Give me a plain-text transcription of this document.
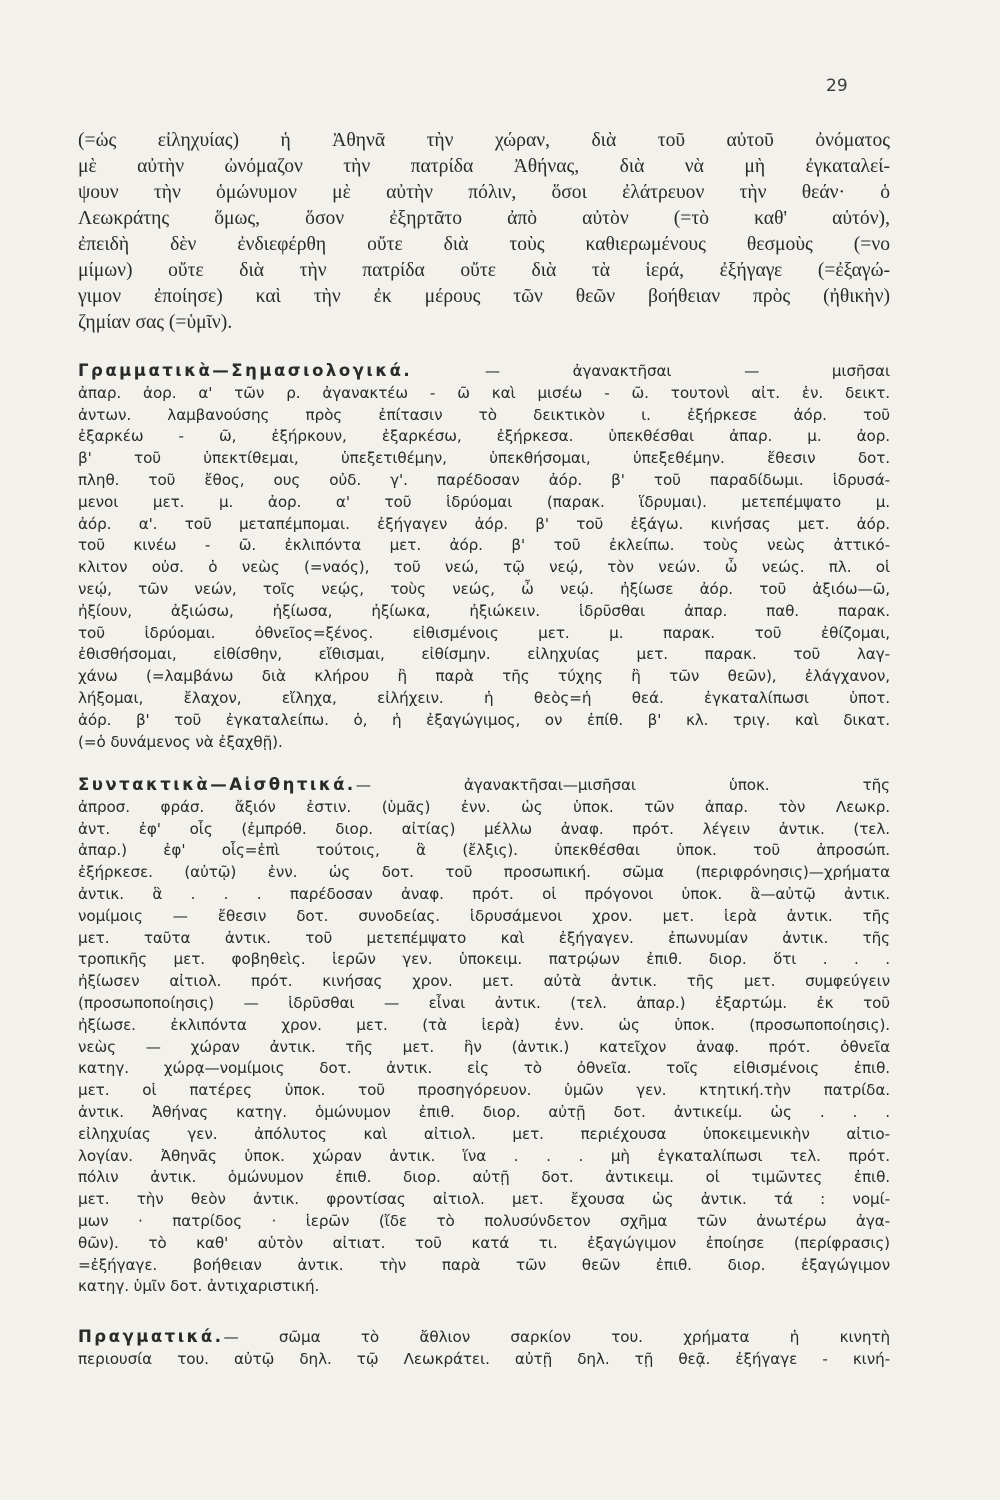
29
(=ὡς εἰληχυίας) ἡ Ἀθηνᾶ τὴν χώραν, διὰ τοῦ αὐτοῦ ὀνόματος
μὲ αὐτὴν ὠνόμαζον τὴν πατρίδα Ἀθήνας, διὰ νὰ μὴ ἐγκαταλεί-
ψουν τὴν ὁμώνυμον μὲ αὐτὴν πόλιν, ὅσοι ἐλάτρευον τὴν θεάν· ὁ
Λεωκράτης ὅμως, ὅσον ἐξηρτᾶτο ἀπὸ αὐτὸν (=τὸ καθ' αὑτόν),
ἐπειδὴ δὲν ἐνδιεφέρθη οὔτε διὰ τοὺς καθιερωμένους θεσμοὺς (=νο
μίμων) οὔτε διὰ τὴν πατρίδα οὔτε διὰ τὰ ἱερά, ἐξήγαγε (=ἐξαγώ-
γιμον ἐποίησε) καὶ τὴν ἐκ μέρους τῶν θεῶν βοήθειαν πρὸς (ἠθικὴν)
ζημίαν σας (=ὑμῖν).
Γραμματικὰ—Σημασιολογικά. — ἀγανακτῆσαι — μισῆσαι
ἀπαρ. ἀορ. α' τῶν ρ. ἀγανακτέω - ῶ καὶ μισέω - ῶ. τουτονὶ αἰτ. ἑν. δεικτ.
ἀντων. λαμβανούσης πρὸς ἐπίτασιν τὸ δεικτικὸν ι. ἐξήρκεσε ἀόρ. τοῦ
ἐξαρκέω - ῶ, ἐξήρκουν, ἐξαρκέσω, ἐξήρκεσα. ὑπεκθέσθαι ἀπαρ. μ. ἀορ.
β' τοῦ ὑπεκτίθεμαι, ὑπεξετιθέμην, ὑπεκθήσομαι, ὑπεξεθέμην. ἔθεσιν δοτ.
πληθ. τοῦ ἔθος, ους οὐδ. γ'. παρέδοσαν ἀόρ. β' τοῦ παραδίδωμι. ἱδρυσά-
μενοι μετ. μ. ἀορ. α' τοῦ ἱδρύομαι (παρακ. ἵδρυμαι). μετεπέμψατο μ.
ἀόρ. α'. τοῦ μεταπέμπομαι. ἐξήγαγεν ἀόρ. β' τοῦ ἐξάγω. κινήσας μετ. ἀόρ.
τοῦ κινέω - ῶ. ἐκλιπόντα μετ. ἀόρ. β' τοῦ ἐκλείπω. τοὺς νεὼς ἀττικό-
κλιτον οὐσ. ὁ νεὼς (=ναός), τοῦ νεώ, τῷ νεῴ, τὸν νεών. ὦ νεώς. πλ. οἱ
νεῴ, τῶν νεών, τοῖς νεῴς, τοὺς νεώς, ὦ νεῴ. ἠξίωσε ἀόρ. τοῦ ἀξιόω—ῶ,
ἠξίουν, ἀξιώσω, ἠξίωσα, ἠξίωκα, ἠξιώκειν. ἱδρῦσθαι ἀπαρ. παθ. παρακ.
τοῦ ἱδρύομαι. ὀθνεῖος=ξένος. εἰθισμένοις μετ. μ. παρακ. τοῦ ἐθίζομαι,
ἐθισθήσομαι, εἰθίσθην, εἴθισμαι, εἰθίσμην. εἰληχυίας μετ. παρακ. τοῦ λαγ-
χάνω (=λαμβάνω διὰ κλήρου ἢ παρὰ τῆς τύχης ἢ τῶν θεῶν), ἐλάγχανον,
λήξομαι, ἔλαχον, εἴληχα, εἰλήχειν. ἡ θεὸς=ἡ θεά. ἐγκαταλίπωσι ὑποτ.
ἀόρ. β' τοῦ ἐγκαταλείπω. ὁ, ἡ ἐξαγώγιμος, ον ἐπίθ. β' κλ. τριγ. καὶ δικατ.
(=ὁ δυνάμενος νὰ ἐξαχθῇ).
Συντακτικὰ—Αἰσθητικά.— ἀγανακτῆσαι—μισῆσαι ὑποκ. τῆς
ἀπροσ. φράσ. ἄξιόν ἐστιν. (ὑμᾶς) ἐνν. ὡς ὑποκ. τῶν ἀπαρ. τὸν Λεωκρ.
ἀντ. ἐφ' οἷς (ἐμπρόθ. διορ. αἰτίας) μέλλω ἀναφ. πρότ. λέγειν ἀντικ. (τελ.
ἀπαρ.) ἐφ' οἷς=ἐπὶ τούτοις, ἃ (ἔλξις). ὑπεκθέσθαι ὑποκ. τοῦ ἀπροσώπ.
ἐξήρκεσε. (αὐτῷ) ἐνν. ὡς δοτ. τοῦ προσωπική. σῶμα (περιφρόνησις)—χρήματα
ἀντικ. ἃ . . . παρέδοσαν ἀναφ. πρότ. οἱ πρόγονοι ὑποκ. ἃ—αὐτῷ ἀντικ.
νομίμοις — ἔθεσιν δοτ. συνοδείας. ἱδρυσάμενοι χρον. μετ. ἱερὰ ἀντικ. τῆς
μετ. ταῦτα ἀντικ. τοῦ μετεπέμψατο καὶ ἐξήγαγεν. ἐπωνυμίαν ἀντικ. τῆς
τροπικῆς μετ. φοβηθεὶς. ἱερῶν γεν. ὑποκειμ. πατρῴων ἐπιθ. διορ. ὅτι . . .
ἠξίωσεν αἰτιολ. πρότ. κινήσας χρον. μετ. αὐτὰ ἀντικ. τῆς μετ. συμφεύγειν
(προσωποποίησις) — ἱδρῦσθαι — εἶναι ἀντικ. (τελ. ἀπαρ.) ἐξαρτώμ. ἐκ τοῦ
ἠξίωσε. ἐκλιπόντα χρον. μετ. (τὰ ἱερὰ) ἐνν. ὡς ὑποκ. (προσωποποίησις).
νεὼς — χώραν ἀντικ. τῆς μετ. ἣν (ἀντικ.) κατεῖχον ἀναφ. πρότ. ὀθνεῖα
κατηγ. χώρᾳ—νομίμοις δοτ. ἀντικ. εἰς τὸ ὀθνεῖα. τοῖς εἰθισμένοις ἐπιθ.
μετ. οἱ πατέρες ὑποκ. τοῦ προσηγόρευον. ὑμῶν γεν. κτητική.τὴν πατρίδα.
ἀντικ. Ἀθήνας κατηγ. ὁμώνυμον ἐπιθ. διορ. αὐτῇ δοτ. ἀντικείμ. ὡς . . .
εἰληχυίας γεν. ἀπόλυτος καὶ αἰτιολ. μετ. περιέχουσα ὑποκειμενικὴν αἰτιο-
λογίαν. Ἀθηνᾶς ὑποκ. χώραν ἀντικ. ἵνα . . . μὴ ἐγκαταλίπωσι τελ. πρότ.
πόλιν ἀντικ. ὁμώνυμον ἐπιθ. διορ. αὐτῇ δοτ. ἀντικειμ. οἱ τιμῶντες ἐπιθ.
μετ. τὴν θεὸν ἀντικ. φροντίσας αἰτιολ. μετ. ἔχουσα ὡς ἀντικ. τά : νομί-
μων · πατρίδος · ἱερῶν (ἴδε τὸ πολυσύνδετον σχῆμα τῶν ἀνωτέρω ἀγα-
θῶν). τὸ καθ' αὑτὸν αἰτιατ. τοῦ κατά τι. ἐξαγώγιμον ἐποίησε (περίφρασις)
=ἐξήγαγε. βοήθειαν ἀντικ. τὴν παρὰ τῶν θεῶν ἐπιθ. διορ. ἐξαγώγιμον
κατηγ. ὑμῖν δοτ. ἀντιχαριστική.
Πραγματικά.— σῶμα τὸ ἄθλιον σαρκίον του. χρήματα ἡ κινητὴ
περιουσία του. αὐτῷ δηλ. τῷ Λεωκράτει. αὐτῇ δηλ. τῇ θεᾷ. ἐξήγαγε - κινή-
